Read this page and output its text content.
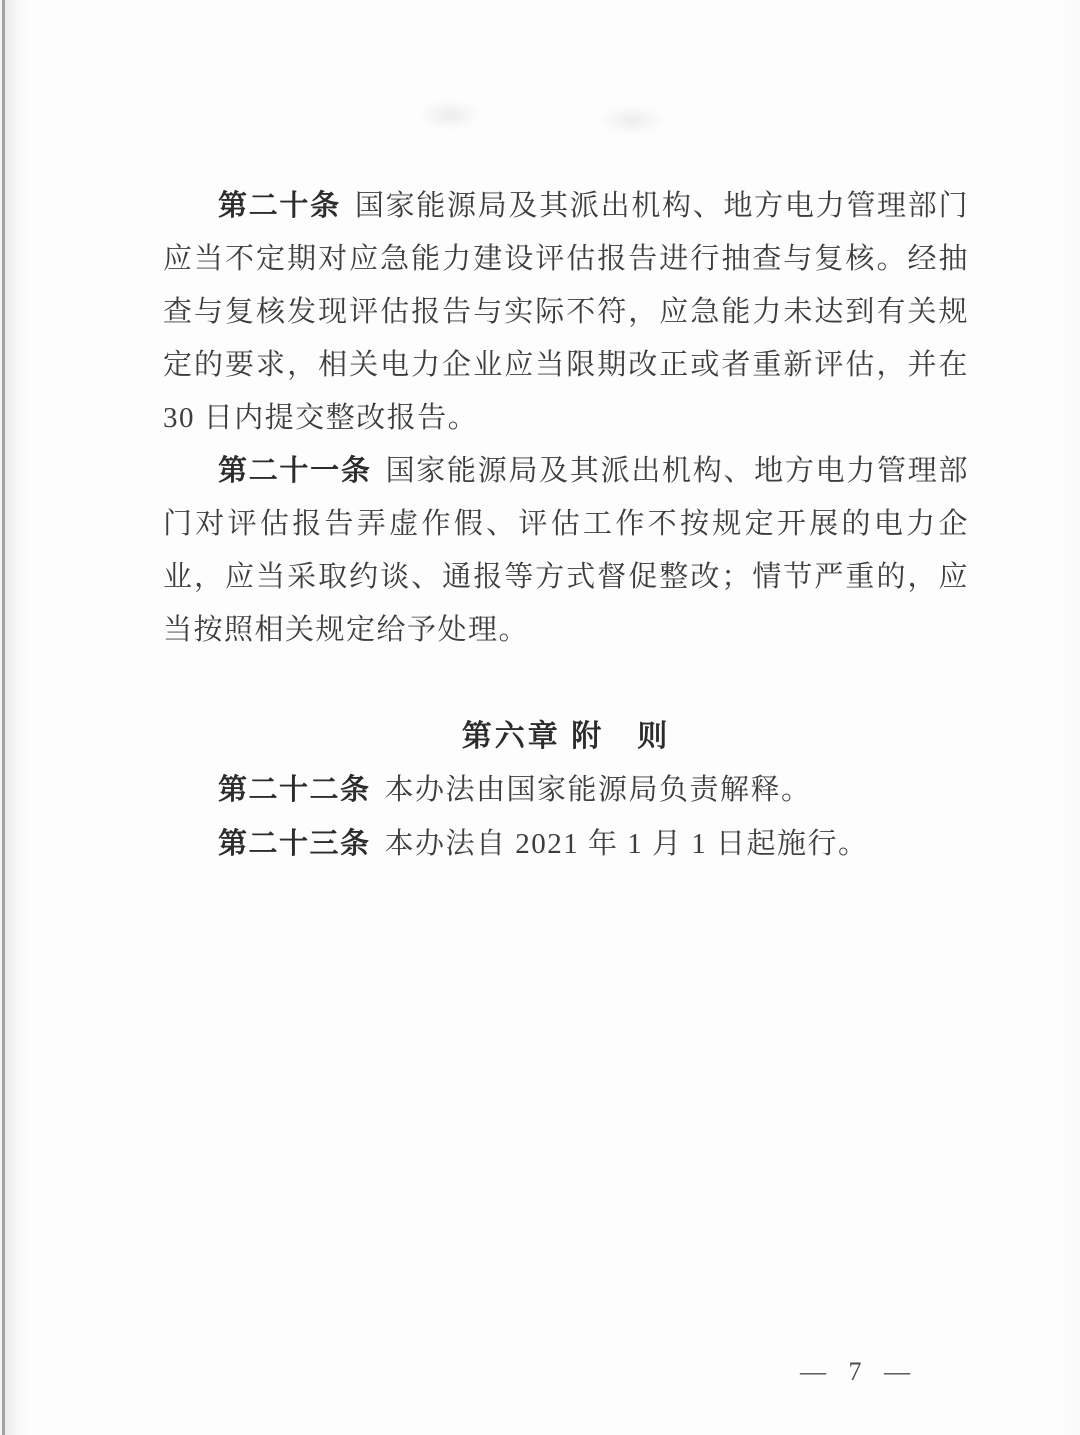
第二十条 国家能源局及其派出机构、地方电力管理部门应当不定期对应急能力建设评估报告进行抽查与复核。经抽查与复核发现评估报告与实际不符，应急能力未达到有关规定的要求，相关电力企业应当限期改正或者重新评估，并在 30 日内提交整改报告。

第二十一条 国家能源局及其派出机构、地方电力管理部门对评估报告弄虚作假、评估工作不按规定开展的电力企业，应当采取约谈、通报等方式督促整改；情节严重的，应当按照相关规定给予处理。

第六章 附　则

第二十二条 本办法由国家能源局负责解释。

第二十三条 本办法自 2021 年 1 月 1 日起施行。

— 7 —
